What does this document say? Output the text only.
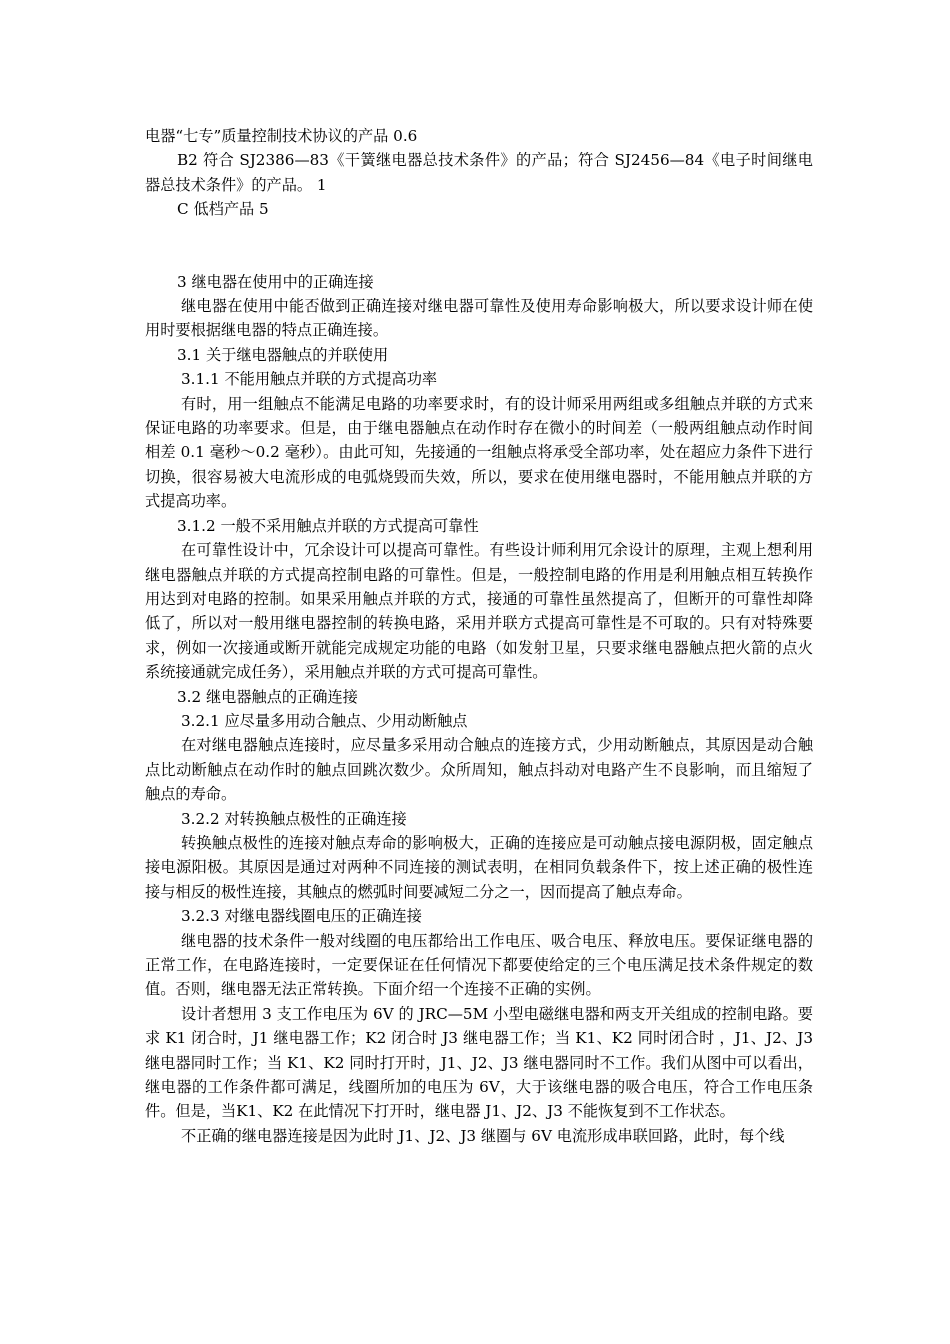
电器“七专”质量控制技术协议的产品 0.6

B2 符合 SJ2386—83《干簧继电器总技术条件》的产品；符合 SJ2456—84《电子时间继电器总技术条件》的产品。 1

C 低档产品 5

3 继电器在使用中的正确连接

继电器在使用中能否做到正确连接对继电器可靠性及使用寿命影响极大，所以要求设计师在使用时要根据继电器的特点正确连接。

3.1 关于继电器触点的并联使用

3.1.1 不能用触点并联的方式提高功率

有时，用一组触点不能满足电路的功率要求时，有的设计师采用两组或多组触点并联的方式来保证电路的功率要求。但是，由于继电器触点在动作时存在微小的时间差（一般两组触点动作时间相差 0.1 毫秒～0.2 毫秒）。由此可知，先接通的一组触点将承受全部功率，处在超应力条件下进行切换，很容易被大电流形成的电弧烧毁而失效，所以，要求在使用继电器时，不能用触点并联的方式提高功率。

3.1.2 一般不采用触点并联的方式提高可靠性

在可靠性设计中，冗余设计可以提高可靠性。有些设计师利用冗余设计的原理，主观上想利用继电器触点并联的方式提高控制电路的可靠性。但是，一般控制电路的作用是利用触点相互转换作用达到对电路的控制。如果采用触点并联的方式，接通的可靠性虽然提高了，但断开的可靠性却降低了，所以对一般用继电器控制的转换电路，采用并联方式提高可靠性是不可取的。只有对特殊要求，例如一次接通或断开就能完成规定功能的电路（如发射卫星，只要求继电器触点把火箭的点火系统接通就完成任务），采用触点并联的方式可提高可靠性。

3.2 继电器触点的正确连接

3.2.1 应尽量多用动合触点、少用动断触点

在对继电器触点连接时，应尽量多采用动合触点的连接方式，少用动断触点，其原因是动合触点比动断触点在动作时的触点回跳次数少。众所周知，触点抖动对电路产生不良影响，而且缩短了触点的寿命。

3.2.2 对转换触点极性的正确连接

转换触点极性的连接对触点寿命的影响极大，正确的连接应是可动触点接电源阴极，固定触点接电源阳极。其原因是通过对两种不同连接的测试表明，在相同负载条件下，按上述正确的极性连接与相反的极性连接，其触点的燃弧时间要减短二分之一，因而提高了触点寿命。

3.2.3 对继电器线圈电压的正确连接

继电器的技术条件一般对线圈的电压都给出工作电压、吸合电压、释放电压。要保证继电器的正常工作，在电路连接时，一定要保证在任何情况下都要使给定的三个电压满足技术条件规定的数值。否则，继电器无法正常转换。下面介绍一个连接不正确的实例。

设计者想用 3 支工作电压为 6V 的 JRC—5M 小型电磁继电器和两支开关组成的控制电路。要求 K1 闭合时，J1 继电器工作；K2 闭合时 J3 继电器工作；当 K1、K2 同时闭合时 ，J1、J2、J3 继电器同时工作；当 K1、K2 同时打开时，J1、J2、J3 继电器同时不工作。我们从图中可以看出，继电器的工作条件都可满足，线圈所加的电压为 6V，大于该继电器的吸合电压，符合工作电压条件。但是，当K1、K2 在此情况下打开时，继电器 J1、J2、J3 不能恢复到不工作状态。

不正确的继电器连接是因为此时 J1、J2、J3 继圈与 6V 电流形成串联回路，此时，每个线
